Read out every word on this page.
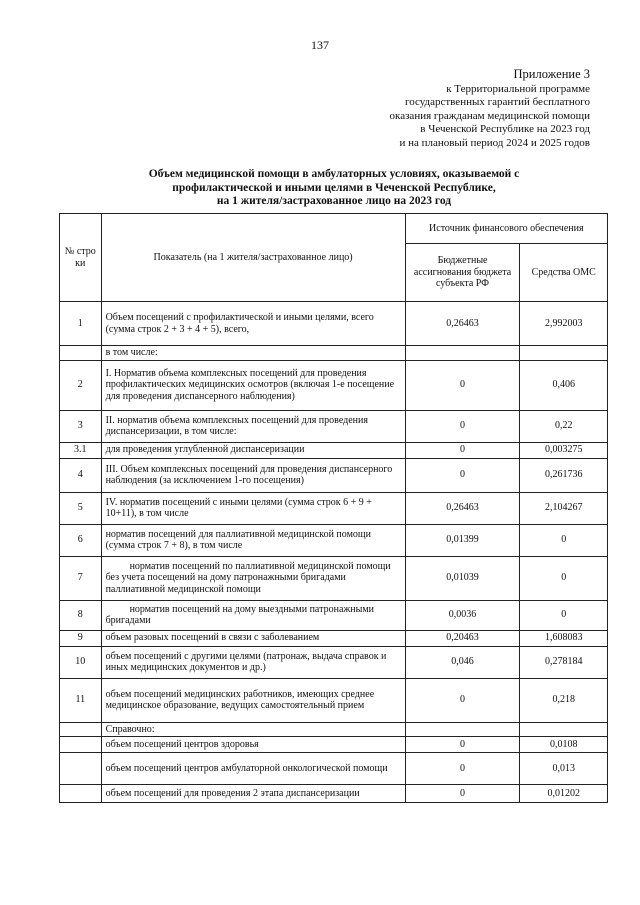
137
Приложение 3
к Территориальной программе
государственных гарантий бесплатного
оказания гражданам медицинской помощи
в Чеченской Республике на 2023 год
и на плановый период 2024 и 2025 годов
Объем медицинской помощи в амбулаторных условиях, оказываемой с
профилактической и иными целями в Чеченской Республике,
на 1 жителя/застрахованное лицо на 2023 год
№ стро ки	Показатель (на 1 жителя/застрахованное лицо)	Источник финансового обеспечения	
		Бюджетные ассигнования бюджета субъекта РФ	Средства ОМС
1	Объем посещений с профилактической и иными целями, всего (сумма строк 2 + 3 + 4 + 5), всего,	0,26463	2,992003
	в том числе:		
2	I. Норматив объема комплексных посещений для проведения профилактических медицинских осмотров (включая 1-е посещение для проведения диспансерного наблюдения)	0	0,406
3	II. норматив объема комплексных посещений для проведения диспансеризации, в том числе:	0	0,22
3.1	для проведения углубленной диспансеризации	0	0,003275
4	III. Объем комплексных посещений для проведения диспансерного наблюдения (за исключением 1-го посещения)	0	0,261736
5	IV. норматив посещений с иными целями (сумма строк 6 + 9 + 10+11), в том числе	0,26463	2,104267
6	норматив посещений для паллиативной медицинской помощи (сумма строк 7 + 8), в том числе	0,01399	0
7	норматив посещений по паллиативной медицинской помощи без учета посещений на дому патронажными бригадами паллиативной медицинской помощи	0,01039	0
8	норматив посещений на дому выездными патронажными бригадами	0,0036	0
9	объем разовых посещений в связи с заболеванием	0,20463	1,608083
10	объем посещений с другими целями (патронаж, выдача справок и иных медицинских документов и др.)	0,046	0,278184
11	объем посещений медицинских работников, имеющих среднее медицинское образование, ведущих самостоятельный прием	0	0,218
	Справочно:		
	объем посещений центров здоровья	0	0,0108
	объем посещений центров амбулаторной онкологической помощи	0	0,013
	объем посещений для проведения 2 этапа диспансеризации	0	0,01202
